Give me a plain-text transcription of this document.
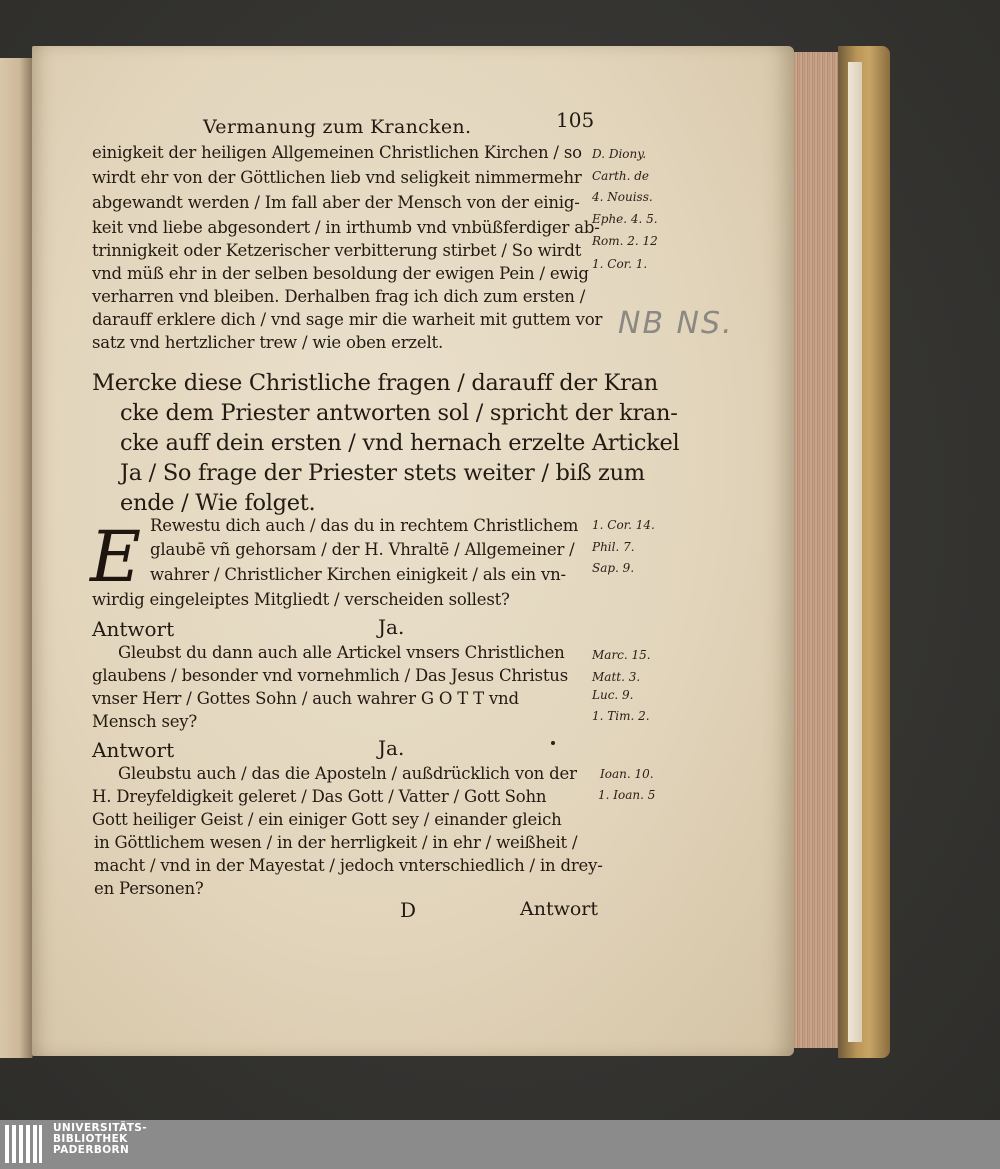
Vermanung zum Krancken.	105
einigkeit der heiligen Allgemeinen Christlichen Kirchen / so
wirdt ehr von der Göttlichen lieb vnd seligkeit nimmermehr
abgewandt werden / Im fall aber der Mensch von der einig-
keit vnd liebe abgesondert / in irthumb vnd vnbüßferdiger ab-
trinnigkeit oder Ketzerischer verbitterung stirbet / So wirdt
vnd müß ehr in der selben besoldung der ewigen Pein / ewig
verharren vnd bleiben. Derhalben frag ich dich zum ersten /
darauff erklere dich / vnd sage mir die warheit mit guttem vor
satz vnd hertzlicher trew / wie oben erzelt.
D. Diony.
Carth. de
4. Nouiss.
Ephe. 4. 5.
Rom. 2. 12
1. Cor. 1.
NB NS.
Mercke diese Christliche fragen / darauff der Kran
cke dem Priester antworten sol / spricht der kran-
cke auff dein ersten / vnd hernach erzelte Artickel
Ja / So frage der Priester stets weiter / biß zum
ende / Wie folget.
E Rewestu dich auch / das du in rechtem Christlichem
glaubē vñ gehorsam / der H. Vhraltē / Allgemeiner /
wahrer / Christlicher Kirchen einigkeit / als ein vn-
wirdig eingeleiptes Mitgliedt / verscheiden sollest?
1. Cor. 14.
Phil. 7.
Sap. 9.
Antwort	Ja.
Gleubst du dann auch alle Artickel vnsers Christlichen
glaubens / besonder vnd vornehmlich / Das Jesus Christus
vnser Herr / Gottes Sohn / auch wahrer G O T T vnd
Mensch sey?
Marc. 15.
Matt. 3.
Luc. 9.
1. Tim. 2.
Antwort	Ja.
Gleubstu auch / das die Aposteln / außdrücklich von der
H. Dreyfeldigkeit geleret / Das Gott / Vatter / Gott Sohn
Gott heiliger Geist / ein einiger Gott sey / einander gleich
in Göttlichem wesen / in der herrligkeit / in ehr / weißheit /
macht / vnd in der Mayestat / jedoch vnterschiedlich / in drey-
en Personen?
Ioan. 10.
1. Ioan. 5
D	Antwort
UNIVERSITÄTS-
BIBLIOTHEK
PADERBORN
